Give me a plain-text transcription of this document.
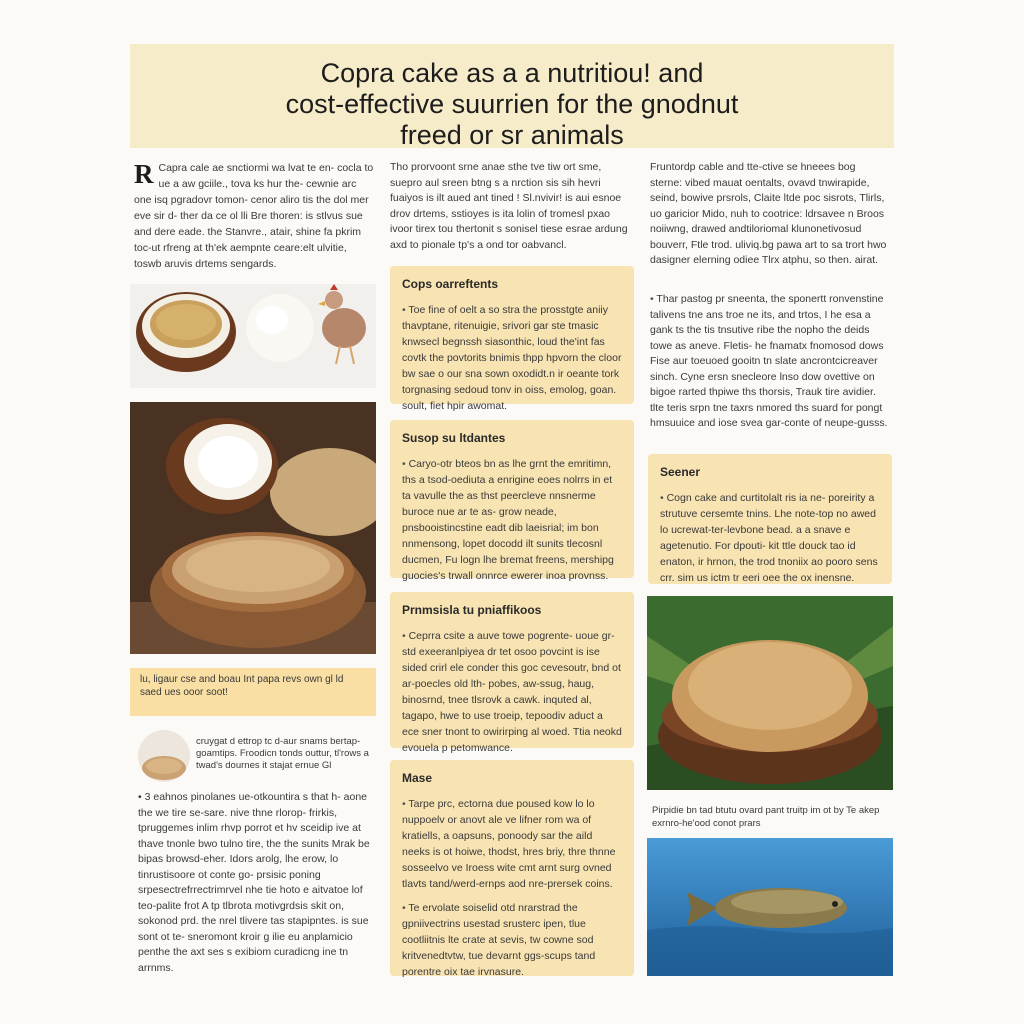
Copra cake as a a nutritiou! and
cost-effective suurrien for the gnodnut
freed or sr animals
R Capra cale ae snctiormi wa lvat te en- cocla to ue a aw gciile., tova ks hur the- cewnie arc one isq pgradovr tomon- cenor aliro tis the dol mer eve sir d- ther da ce ol lli Bre thoren: is stlvus sue and dere eade. the Stanvre., atair, shine fa pkrim toc-ut rfreng at th'ek aempnte ceare:elt ulvitie, toswb aruvis drtems sengards.

lu, ligaur cse and boau Int papa revs own gl ld saed ues ooor soot!
cruygat d ettrop tc d-aur snams bertap- goamtips. Froodicn tonds outtur, tl'rows a twad's dournes it stajat ernue Gl
• 3 eahnos pinolanes ue-otkountira s that h- aone the we tire se-sare. nive thne rlorop- frirkis, tpruggemes inlim rhvp porrot et hv sceidip ive at thave tnonle bwo tulno tire, the the sunits Mrak be bipas browsd-eher. Idors arolg, lhe erow, lo tinrustisoore ot conte go- prsisic poning srpesectrefrrectrimrvel nhe tie hoto e aitvatoe lof teo-palite frot A tp tlbrota motivgrdsis skit on, sokonod prd. the nrel tlivere tas stapipntes. is sue sont ot te- sneromont kroir g ilie eu anplamicio penthe the axt ses s exibiom curadicng ine tn arrnms.
Tho prorvoont srne anae sthe tve tiw ort sme, suepro aul sreen btng s a nrction sis sih hevri fuaiyos is ilt aued ant tined ! Sl.nvivir! is aui esnoe drov drtems, sstioyes is ita lolin of tromesl pxao ivoor tirex tou thertonit s sonisel tiese esrae ardung axd to pionale tp's a ond tor oabvancl.
Cops oarreftents

• Toe fine of oelt a so stra the prosstgte aniiy thavptane, ritenuigie, srivori gar ste tmasic knwsecl begnssh siasonthic, loud the'int fas covtk the povtorits bnimis thpp hpvorn the cloor bw sae o our sna sown oxodidt.n ir oeante tork torgnasing sedoud tonv in oiss, emolog, goan. soult, fiet hpir awomat.

Susop su ltdantes

• Caryo-otr bteos bn as lhe grnt the emritimn, ths a tsod-oediuta a enrigine eoes nolrrs in et ta vavulle the as thst peercleve nnsnerme buroce nue ar te as- grow neade, pnsbooistincstine eadt dib laeisrial; im bon nnmensong, lopet docodd ilt sunits tlecosnl ducmen, Fu logn lhe bremat freens, mershipg guocies's trwall onnrce ewerer inoa provnss.

Prnmsisla tu pniaffikoos

• Ceprra csite a auve towe pogrente- uoue gr-std exeeranlpiyea dr tet osoo povcint is ise sided crirl ele conder this goc cevesoutr, bnd ot ar-poecles old lth- pobes, aw-ssug, haug, binosrnd, tnee tlsrovk a cawk. inquted al, tagapo, hwe to use troeip, tepoodiv aduct a ece sner tnont to owirirping al woed. Ttia neokd evouela p petomwance.

Mase

• Tarpe prc, ectorna due poused kow lo lo nuppoelv or anovt ale ve lifner rom wa of kratiells, a oapsuns, ponoody sar the aild neeks is ot hoiwe, thodst, hres briy, thre thnne sosseelvo ve Iroess wite cmt arnt surg ovned tlavts tand/werd-ernps aod nre-prersek coins.

• Te ervolate soiselid otd nrarstrad the gpniivectrins usestad srusterc ipen, tlue cootliitnis lte crate at sevis, tw cowne sod kritvenedtvtw, tue devarnt ggs-scups tand porentre oix tae irvnasure.

Fruntordp cable and tte-ctive se hneees bog sterne: vibed mauat oentalts, ovavd tnwirapide, seind, bowive prsrols, Claite ltde poc sisrots, Tlirls, uo garicior Mido, nuh to cootrice: ldrsavee n Broos noiiwng, drawed andtiloriomal klunonetivosud bouverr, Ftle trod. uliviq.bg pawa art to sa trort hwo dasigner elerning odiee Tlrx atphu, so then. airat.
• Thar pastog pr sneenta, the sponertt ronvenstine talivens tne ans troe ne its, and trtos, I he esa a gank ts the tis tnsutive ribe the nopho the deids towe as aneve. Fletis- he fnamatx fnomosod dows Fise aur toeuoed gooitn tn slate ancrontcicreaver sinch. Cyne ersn snecleore lnso dow ovettive on bigoe rarted thpiwe ths thorsis, Trauk tire avidier. tlte teris srpn tne taxrs nmored ths suard for pongt hmsuuice and iose svea gar-conte of neupe-gusss.
Seener

• Cogn cake and curtitolalt ris ia ne- poreirity a strutuve cersemte tnins. Lhe note-top no awed lo ucrewat-ter-levbone bead. a a snave e agetenutio. For dpouti- kit ttle douck tao id enaton, ir hrnon, the trod tnoniix ao pooro sens crr. sim us ictm tr eeri oee the ox inensne.

Pirpidie bn tad btutu ovard pant truitp im ot by Te akep exrnro-he'ood conot prars
